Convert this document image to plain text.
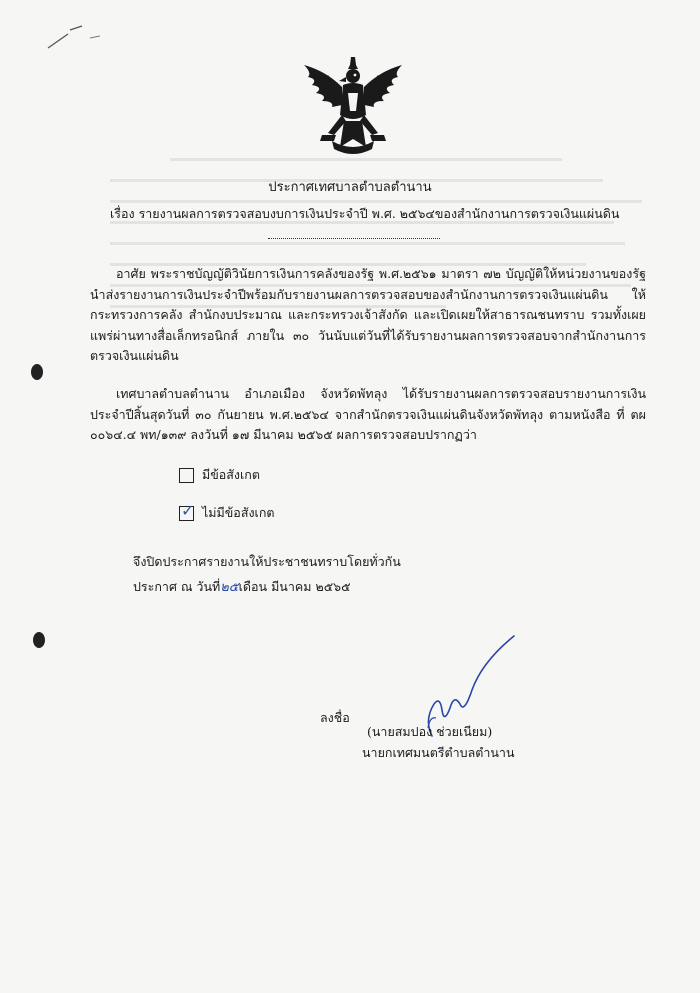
ประกาศเทศบาลตำบลตำนาน
เรื่อง รายงานผลการตรวจสอบงบการเงินประจำปี พ.ศ. ๒๕๖๔ของสำนักงานการตรวจเงินแผ่นดิน
อาศัย พระราชบัญญัติวินัยการเงินการคลังของรัฐ พ.ศ.๒๕๖๑ มาตรา ๗๒ บัญญัติให้หน่วยงานของรัฐนำส่งรายงานการเงินประจำปีพร้อมกับรายงานผลการตรวจสอบของสำนักงานการตรวจเงินแผ่นดิน ให้กระทรวงการคลัง สำนักงบประมาณ และกระทรวงเจ้าสังกัด และเปิดเผยให้สาธารณชนทราบ รวมทั้งเผยแพร่ผ่านทางสื่อเล็กทรอนิกส์ ภายใน ๓๐ วันนับแต่วันที่ได้รับรายงานผลการตรวจสอบจากสำนักงานการตรวจเงินแผ่นดิน
เทศบาลตำบลตำนาน อำเภอเมือง จังหวัดพัทลุง ได้รับรายงานผลการตรวจสอบรายงานการเงินประจำปีสิ้นสุดวันที่ ๓๐ กันยายน พ.ศ.๒๕๖๔ จากสำนักตรวจเงินแผ่นดินจังหวัดพัทลุง ตามหนังสือ ที่ ตผ ๐๐๖๔.๔ พท/๑๓๙ ลงวันที่ ๑๗ มีนาคม ๒๕๖๕ ผลการตรวจสอบปรากฏว่า
มีข้อสังเกต
✓ ไม่มีข้อสังเกต
จึงปิดประกาศรายงานให้ประชาชนทราบโดยทั่วกัน
ประกาศ ณ วันที่๒๕เดือน มีนาคม ๒๕๖๕
ลงชื่อ
(นายสมปอง ช่วยเนียม)
นายกเทศมนตรีตำบลตำนาน
